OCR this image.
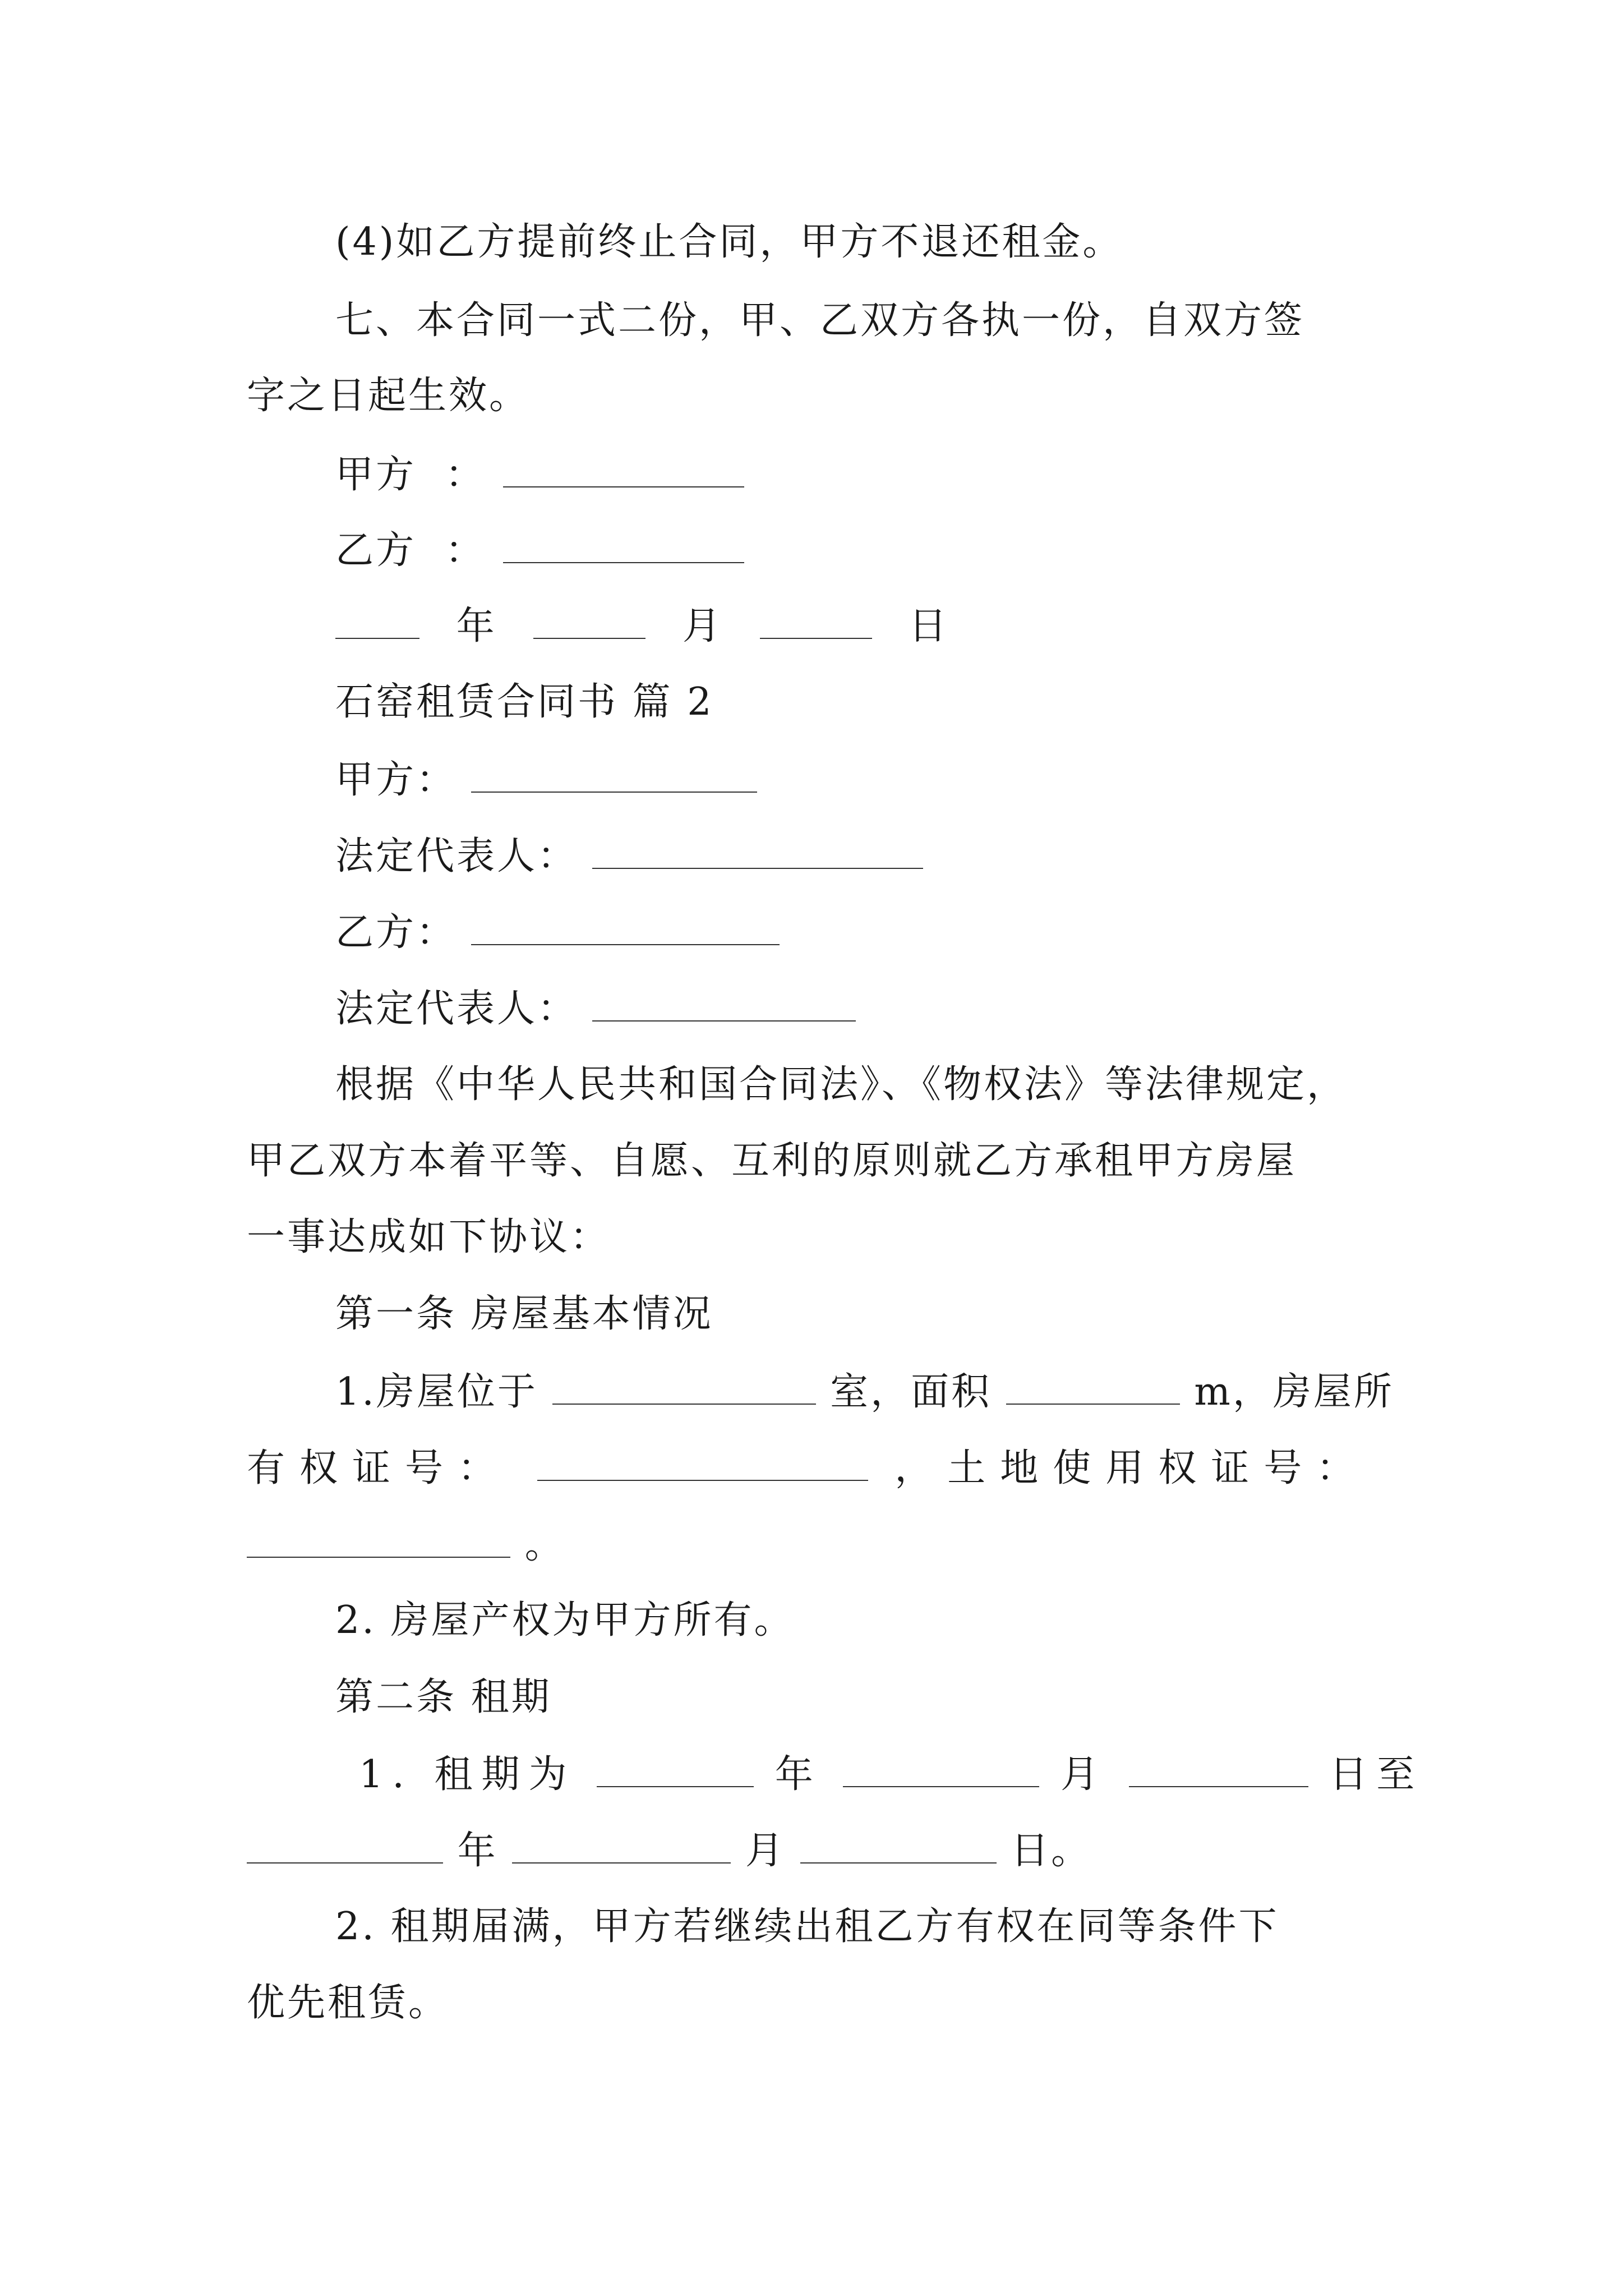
(4)如乙方提前终止合同，甲方不退还租金。
七、本合同一式二份，甲、乙双方各执一份，自双方签
字之日起生效。
甲方 ：
乙方 ：
年	月	日
石窑租赁合同书 篇 2
甲方：
法定代表人：
乙方：
法定代表人：
根据《中华人民共和国合同法》、《物权法》等法律规定，
甲乙双方本着平等、自愿、互利的原则就乙方承租甲方房屋
一事达成如下协议：
第一条 房屋基本情况
1.房屋位于	室，面积	m，房屋所
有权证号：	，土地使用权证号：
。
2. 房屋产权为甲方所有。
第二条 租期
1. 租期为	年	月	日至
年	月	日。
2. 租期届满，甲方若继续出租乙方有权在同等条件下
优先租赁。
